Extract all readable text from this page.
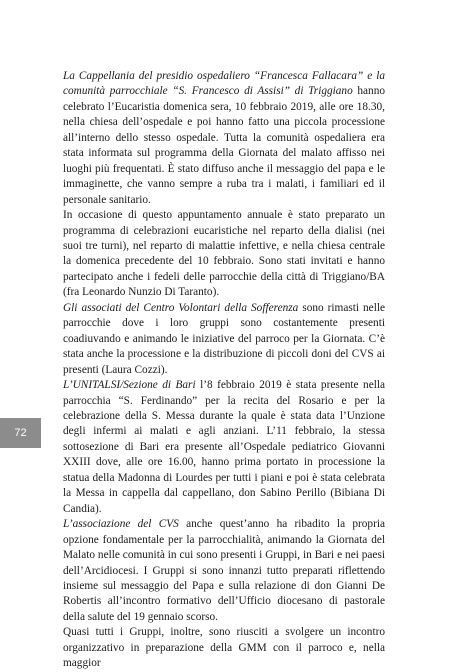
La Cappellania del presidio ospedaliero “Francesca Fallacara” e la comunità parrocchiale “S. Francesco di Assisi” di Triggiano hanno celebrato l’Eucaristia domenica sera, 10 febbraio 2019, alle ore 18.30, nella chiesa dell’ospedale e poi hanno fatto una piccola processione all’interno dello stesso ospedale. Tutta la comunità ospedaliera era stata informata sul programma della Giornata del malato affisso nei luoghi più frequentati. È stato diffuso anche il messaggio del papa e le immaginette, che vanno sempre a ruba tra i malati, i familiari ed il personale sanitario.

In occasione di questo appuntamento annuale è stato preparato un programma di celebrazioni eucaristiche nel reparto della dialisi (nei suoi tre turni), nel reparto di malattie infettive, e nella chiesa centrale la domenica precedente del 10 febbraio. Sono stati invitati e hanno partecipato anche i fedeli delle parrocchie della città di Triggiano/BA (fra Leonardo Nunzio Di Taranto).

Gli associati del Centro Volontari della Sofferenza sono rimasti nelle parrocchie dove i loro gruppi sono costantemente presenti coadiuvando e animando le iniziative del parroco per la Giornata. C’è stata anche la processione e la distribuzione di piccoli doni del CVS ai presenti (Laura Cozzi).

L’UNITALSI/Sezione di Bari l’8 febbraio 2019 è stata presente nella parrocchia “S. Ferdinando” per la recita del Rosario e per la celebrazione della S. Messa durante la quale è stata data l’Unzione degli infermi ai malati e agli anziani. L’11 febbraio, la stessa sottosezione di Bari era presente all’Ospedale pediatrico Giovanni XXIII dove, alle ore 16.00, hanno prima portato in processione la statua della Madonna di Lourdes per tutti i piani e poi è stata celebrata la Messa in cappella dal cappellano, don Sabino Perillo (Bibiana Di Candia).

L’associazione del CVS anche quest’anno ha ribadito la propria opzione fondamentale per la parrocchialità, animando la Giornata del Malato nelle comunità in cui sono presenti i Gruppi, in Bari e nei paesi dell’Arcidiocesi. I Gruppi si sono innanzi tutto preparati riflettendo insieme sul messaggio del Papa e sulla relazione di don Gianni De Robertis all’incontro formativo dell’Ufficio diocesano di pastorale della salute del 19 gennaio scorso.

Quasi tutti i Gruppi, inoltre, sono riusciti a svolgere un incontro organizzativo in preparazione della GMM con il parroco e, nella maggior

72
